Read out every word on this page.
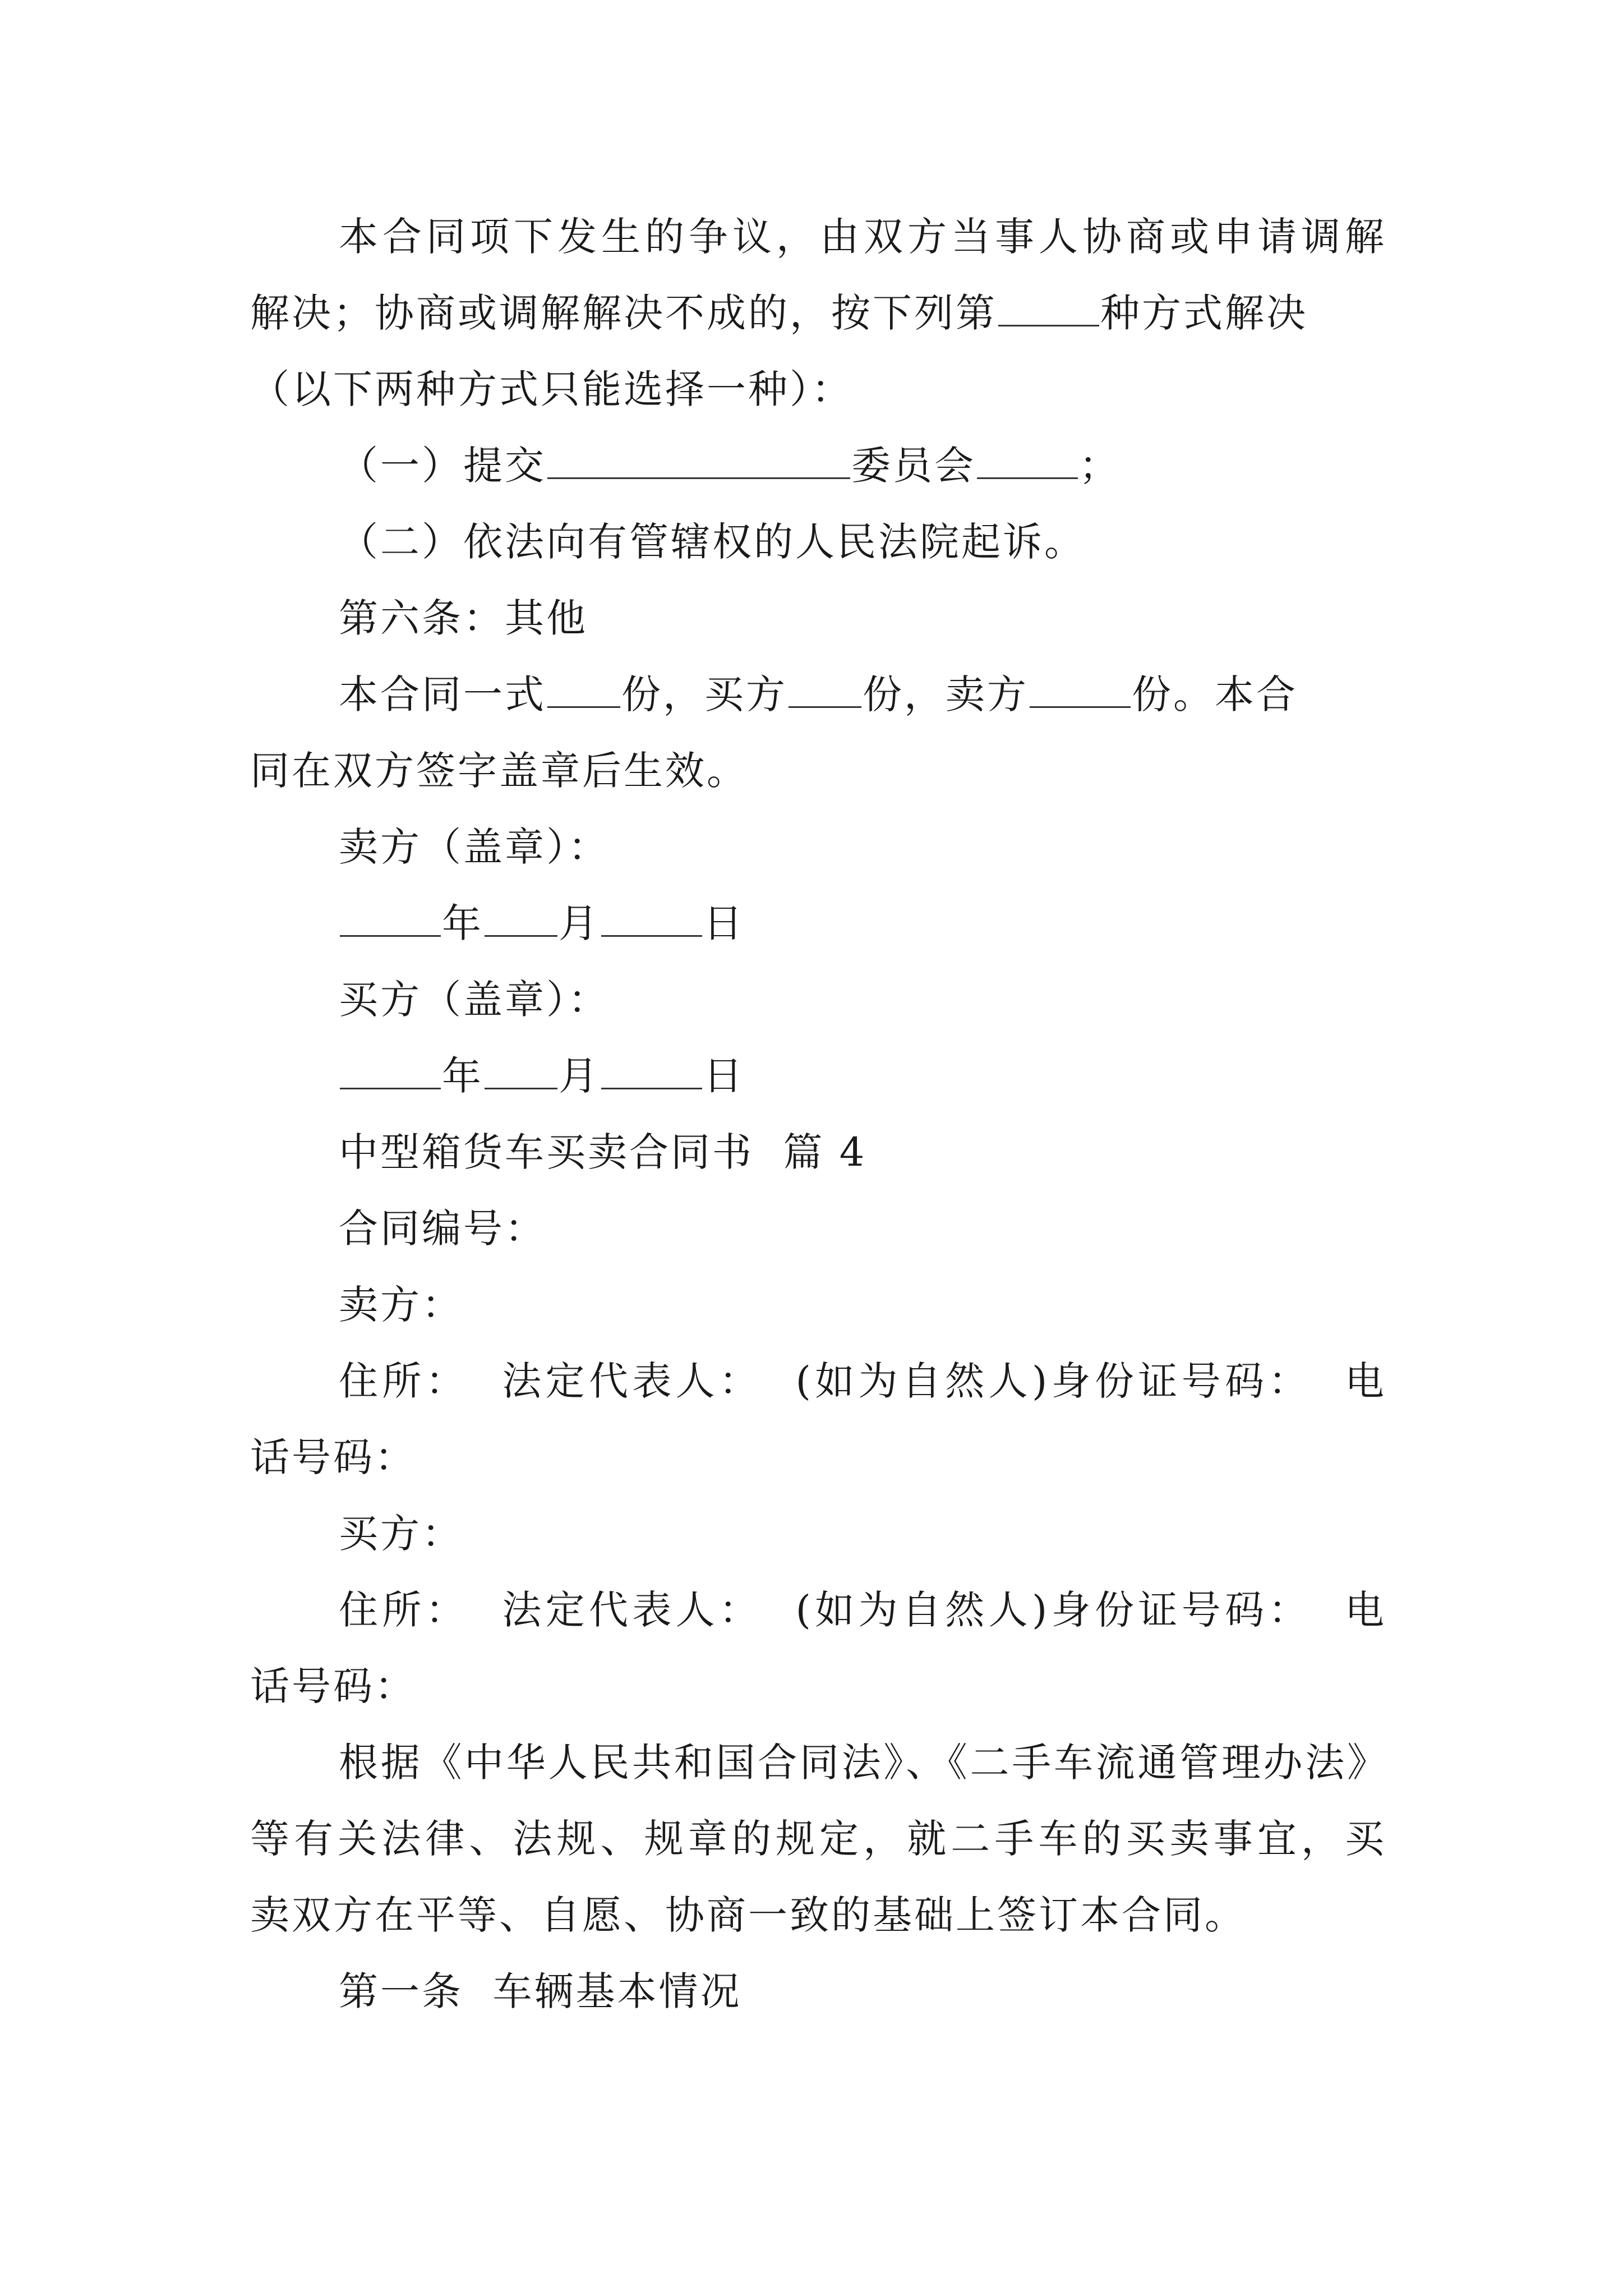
本合同项下发生的争议，由双方当事人协商或申请调解
解决；协商或调解解决不成的，按下列第	种方式解决
（以下两种方式只能选择一种）：
（一）提交	委员会	；
（二）依法向有管辖权的人民法院起诉。
第六条：其他
本合同一式 份，买方 份，卖方	份。本合
同在双方签字盖章后生效。
卖方（盖章）：
年 月	日
买方（盖章）：
年 月	日
中型箱货车买卖合同书  篇 4
合同编号：
卖方：
住所：  法定代表人：  (如为自然人)身份证号码：  电
话号码：
买方：
住所：  法定代表人：  (如为自然人)身份证号码：  电
话号码：
根据《中华人民共和国合同法》、《二手车流通管理办法》
等有关法律、法规、规章的规定，就二手车的买卖事宜，买
卖双方在平等、自愿、协商一致的基础上签订本合同。
第一条  车辆基本情况
